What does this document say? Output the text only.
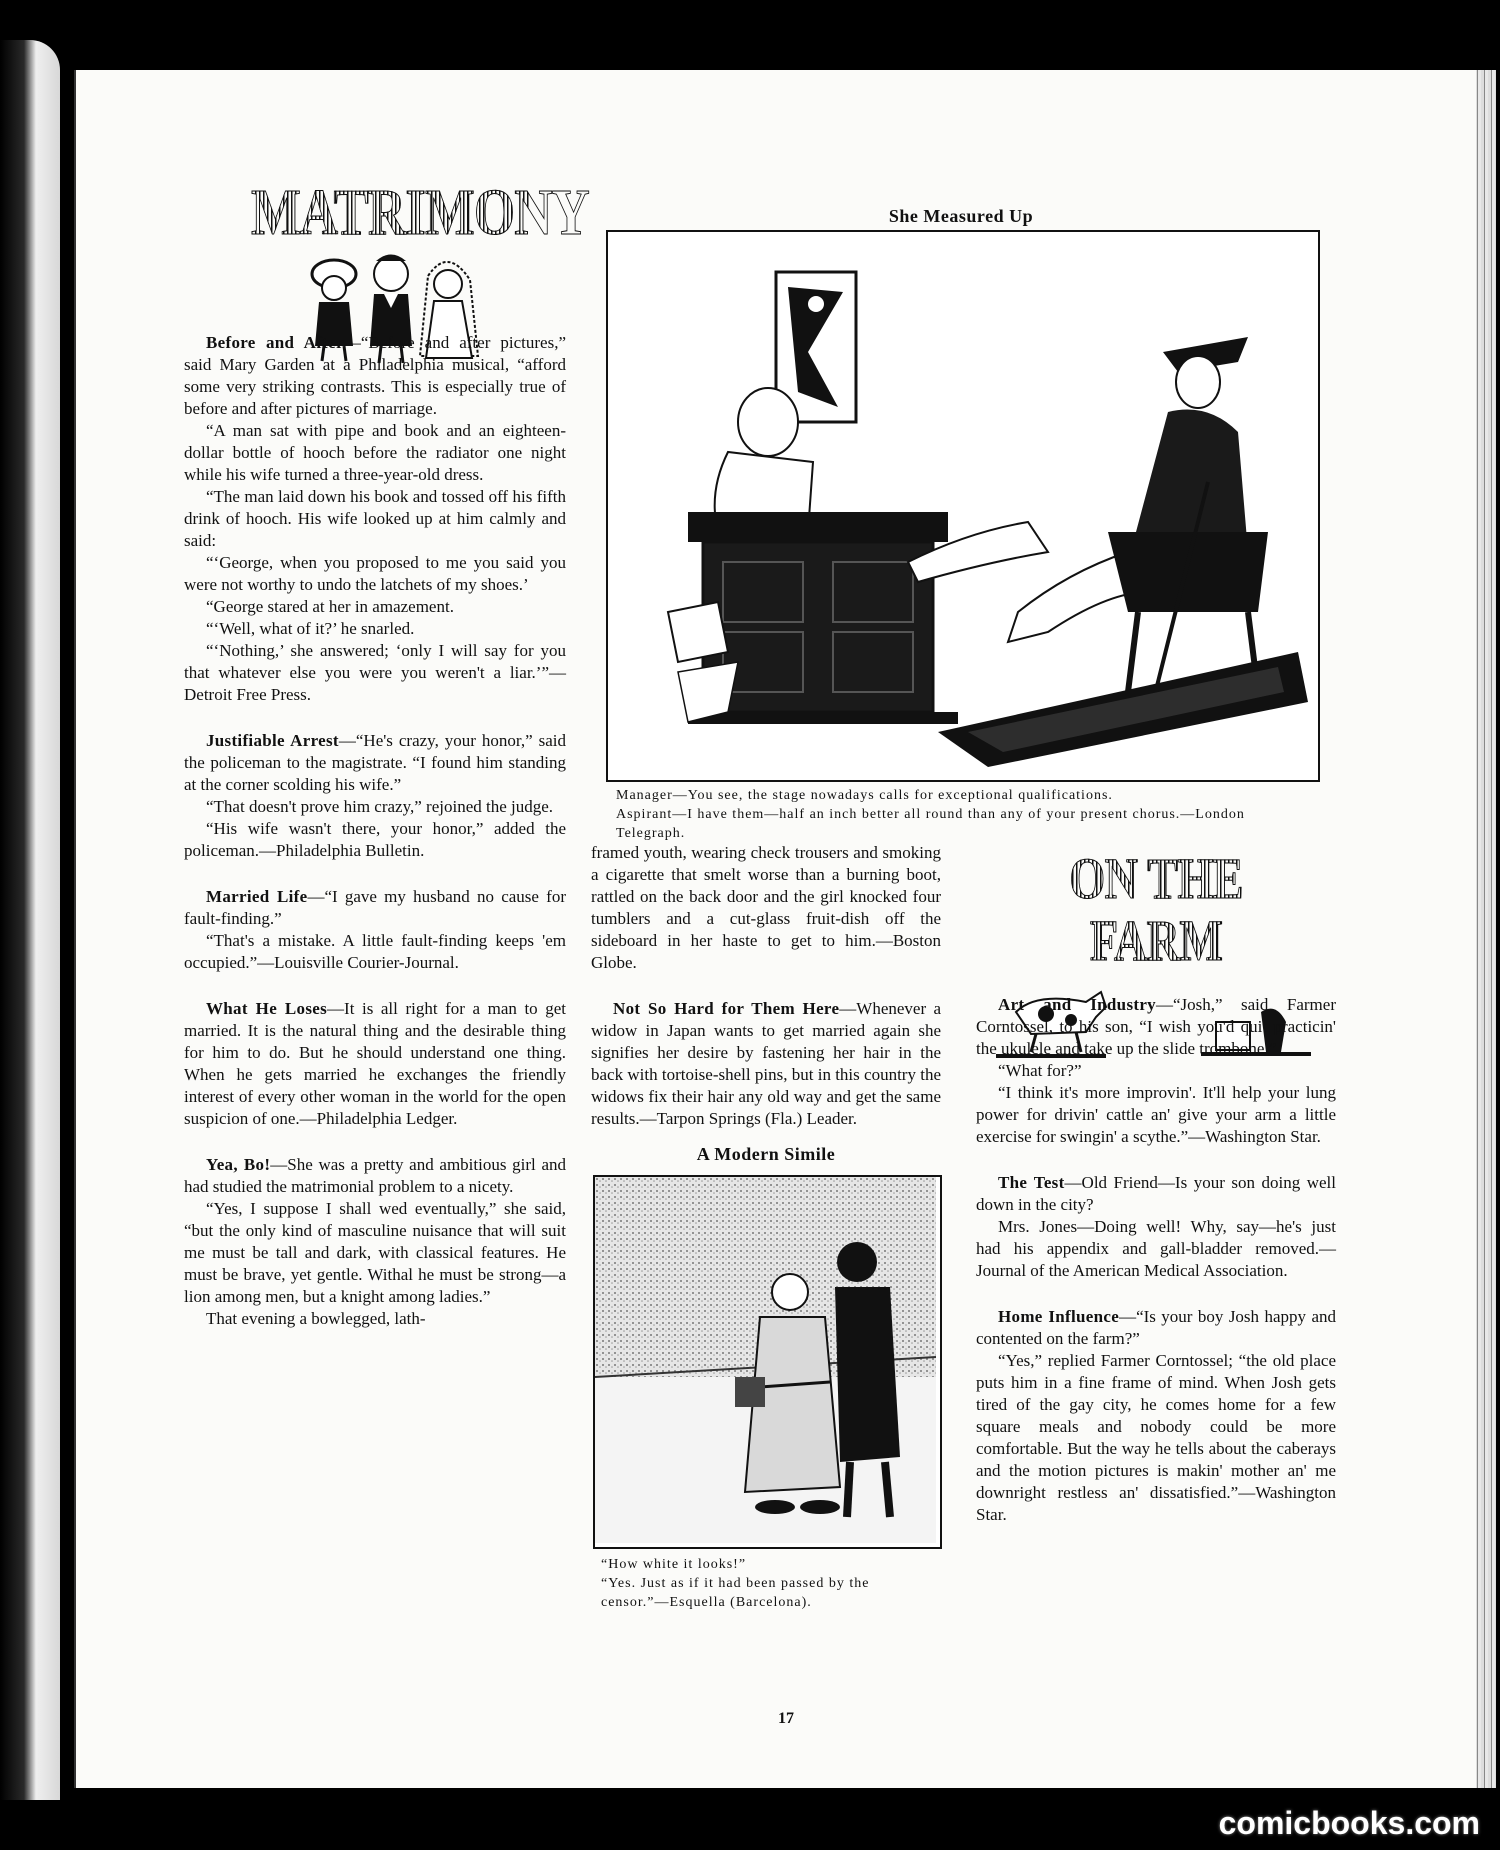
MATRIMONY

Before and After—“Before and after pictures,” said Mary Garden at a Philadelphia musical, “afford some very striking contrasts. This is especially true of before and after pictures of marriage.

“A man sat with pipe and book and an eighteen-dollar bottle of hooch before the radiator one night while his wife turned a three-year-old dress.

“The man laid down his book and tossed off his fifth drink of hooch. His wife looked up at him calmly and said:

“‘George, when you proposed to me you said you were not worthy to undo the latchets of my shoes.’

“George stared at her in amazement.

“‘Well, what of it?’ he snarled.

“‘Nothing,’ she answered; ‘only I will say for you that whatever else you were you weren't a liar.’”—Detroit Free Press.

Justifiable Arrest—“He's crazy, your honor,” said the policeman to the magistrate. “I found him standing at the corner scolding his wife.”

“That doesn't prove him crazy,” rejoined the judge.

“His wife wasn't there, your honor,” added the policeman.—Philadelphia Bulletin.

Married Life—“I gave my husband no cause for fault-finding.”

“That's a mistake. A little fault-finding keeps 'em occupied.”—Louisville Courier-Journal.

What He Loses—It is all right for a man to get married. It is the natural thing and the desirable thing for him to do. But he should understand one thing. When he gets married he exchanges the friendly interest of every other woman in the world for the open suspicion of one.—Philadelphia Ledger.

Yea, Bo!—She was a pretty and ambitious girl and had studied the matrimonial problem to a nicety.

“Yes, I suppose I shall wed eventually,” she said, “but the only kind of masculine nuisance that will suit me must be tall and dark, with classical features. He must be brave, yet gentle. Withal he must be strong—a lion among men, but a knight among ladies.”

That evening a bowlegged, lath-

She Measured Up
Manager—You see, the stage nowadays calls for exceptional qualifications.
Aspirant—I have them—half an inch better all round than any of your present chorus.—London Telegraph.

framed youth, wearing check trousers and smoking a cigarette that smelt worse than a burning boot, rattled on the back door and the girl knocked four tumblers and a cut-glass fruit-dish off the sideboard in her haste to get to him.—Boston Globe.

Not So Hard for Them Here—Whenever a widow in Japan wants to get married again she signifies her desire by fastening her hair in the back with tortoise-shell pins, but in this country the widows fix their hair any old way and get the same results.—Tarpon Springs (Fla.) Leader.

A Modern Simile
“How white it looks!”
“Yes. Just as if it had been passed by the censor.”—Esquella (Barcelona).
ON THE FARM

Art and Industry—“Josh,” said Farmer Corntossel, to his son, “I wish you'd quit practicin' the ukulele and take up the slide trombone.”

“What for?”

“I think it's more improvin'. It'll help your lung power for drivin' cattle an' give your arm a little exercise for swingin' a scythe.”—Washington Star.

The Test—Old Friend—Is your son doing well down in the city?

Mrs. Jones—Doing well! Why, say—he's just had his appendix and gall-bladder removed.—Journal of the American Medical Association.

Home Influence—“Is your boy Josh happy and contented on the farm?”

“Yes,” replied Farmer Corntossel; “the old place puts him in a fine frame of mind. When Josh gets tired of the gay city, he comes home for a few square meals and nobody could be more comfortable. But the way he tells about the caberays and the motion pictures is makin' mother an' me downright restless an' dissatisfied.”—Washington Star.

17
comicbooks.com
